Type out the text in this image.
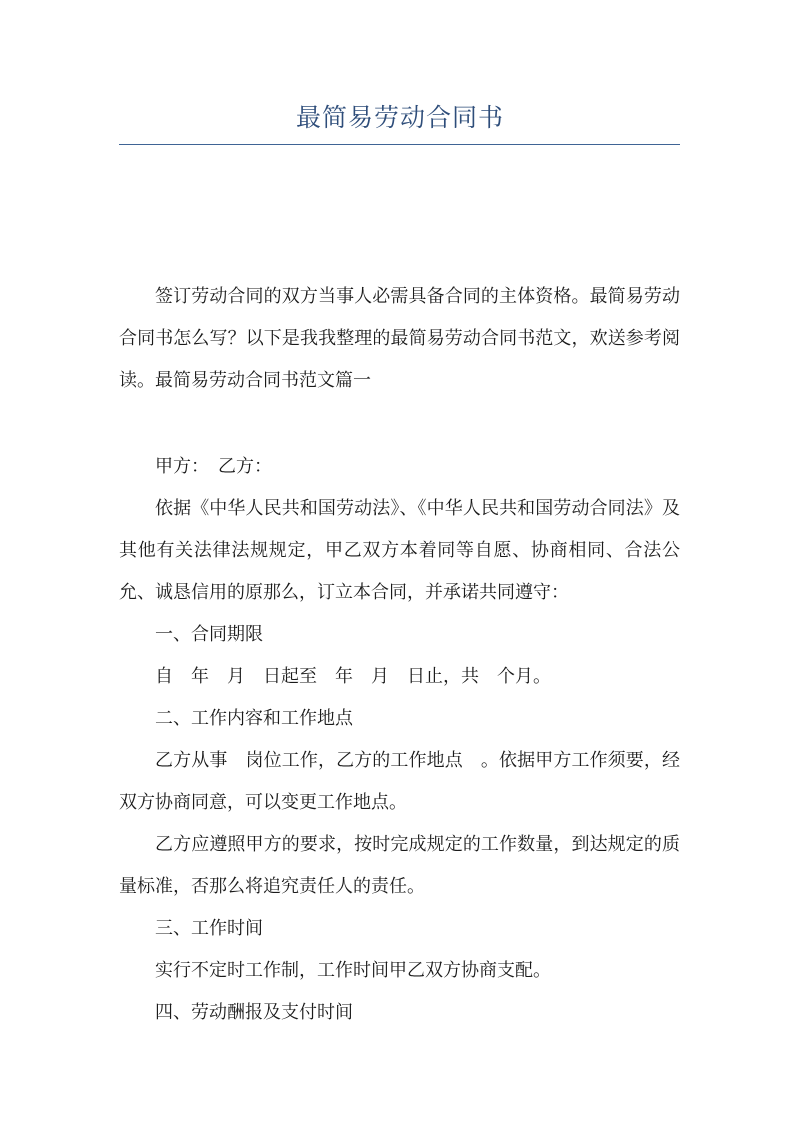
最简易劳动合同书

签订劳动合同的双方当事人必需具备合同的主体资格。最简易劳动合同书怎么写？以下是我我整理的最简易劳动合同书范文，欢送参考阅读。最简易劳动合同书范文篇一

甲方：　乙方：

依据《中华人民共和国劳动法》、《中华人民共和国劳动合同法》及其他有关法律法规规定，甲乙双方本着同等自愿、协商相同、合法公允、诚恳信用的原那么，订立本合同，并承诺共同遵守：

一、合同期限

自　年　月　日起至　年　月　日止，共　个月。

二、工作内容和工作地点

乙方从事　岗位工作，乙方的工作地点　。依据甲方工作须要，经双方协商同意，可以变更工作地点。

乙方应遵照甲方的要求，按时完成规定的工作数量，到达规定的质量标准，否那么将追究责任人的责任。

三、工作时间

实行不定时工作制，工作时间甲乙双方协商支配。

四、劳动酬报及支付时间
